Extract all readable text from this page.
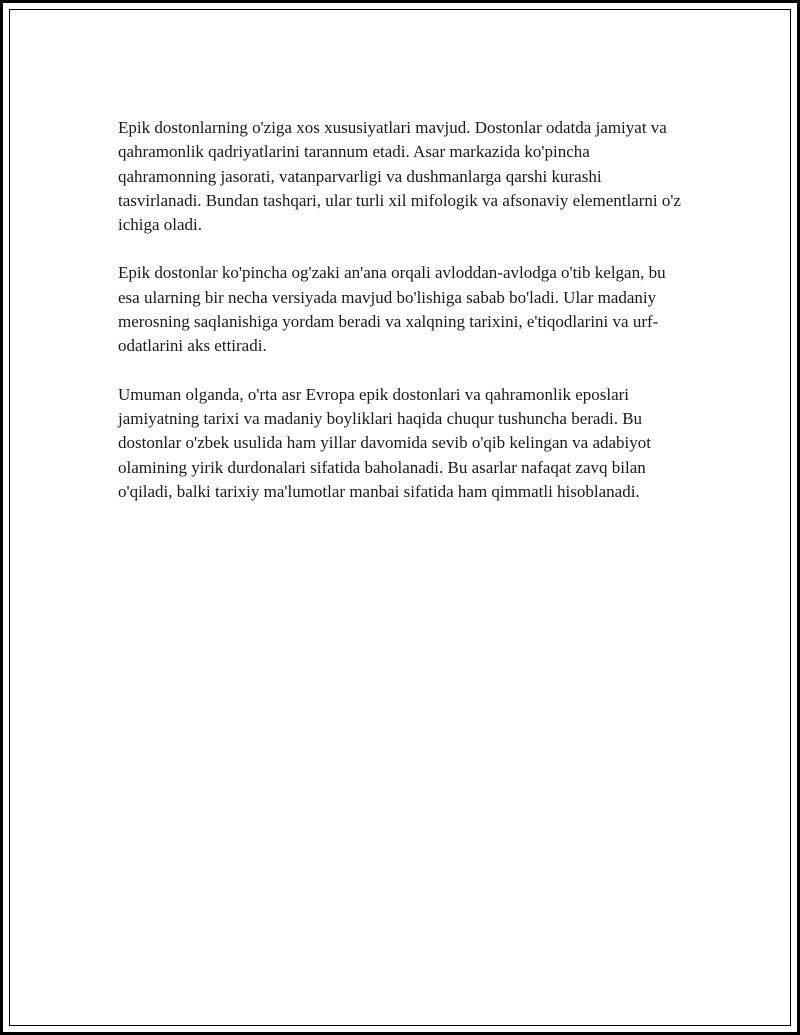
Epik dostonlarning o'ziga xos xususiyatlari mavjud. Dostonlar odatda jamiyat va qahramonlik qadriyatlarini tarannum etadi. Asar markazida ko'pincha qahramonning jasorati, vatanparvarligi va dushmanlarga qarshi kurashi tasvirlanadi. Bundan tashqari, ular turli xil mifologik va afsonaviy elementlarni o'z ichiga oladi.

Epik dostonlar ko'pincha og'zaki an'ana orqali avloddan-avlodga o'tib kelgan, bu esa ularning bir necha versiyada mavjud bo'lishiga sabab bo'ladi. Ular madaniy merosning saqlanishiga yordam beradi va xalqning tarixini, e'tiqodlarini va urf-odatlarini aks ettiradi.

Umuman olganda, o'rta asr Evropa epik dostonlari va qahramonlik eposlari jamiyatning tarixi va madaniy boyliklari haqida chuqur tushuncha beradi. Bu dostonlar o'zbek usulida ham yillar davomida sevib o'qib kelingan va adabiyot olamining yirik durdonalari sifatida baholanadi. Bu asarlar nafaqat zavq bilan o'qiladi, balki tarixiy ma'lumotlar manbai sifatida ham qimmatli hisoblanadi.
